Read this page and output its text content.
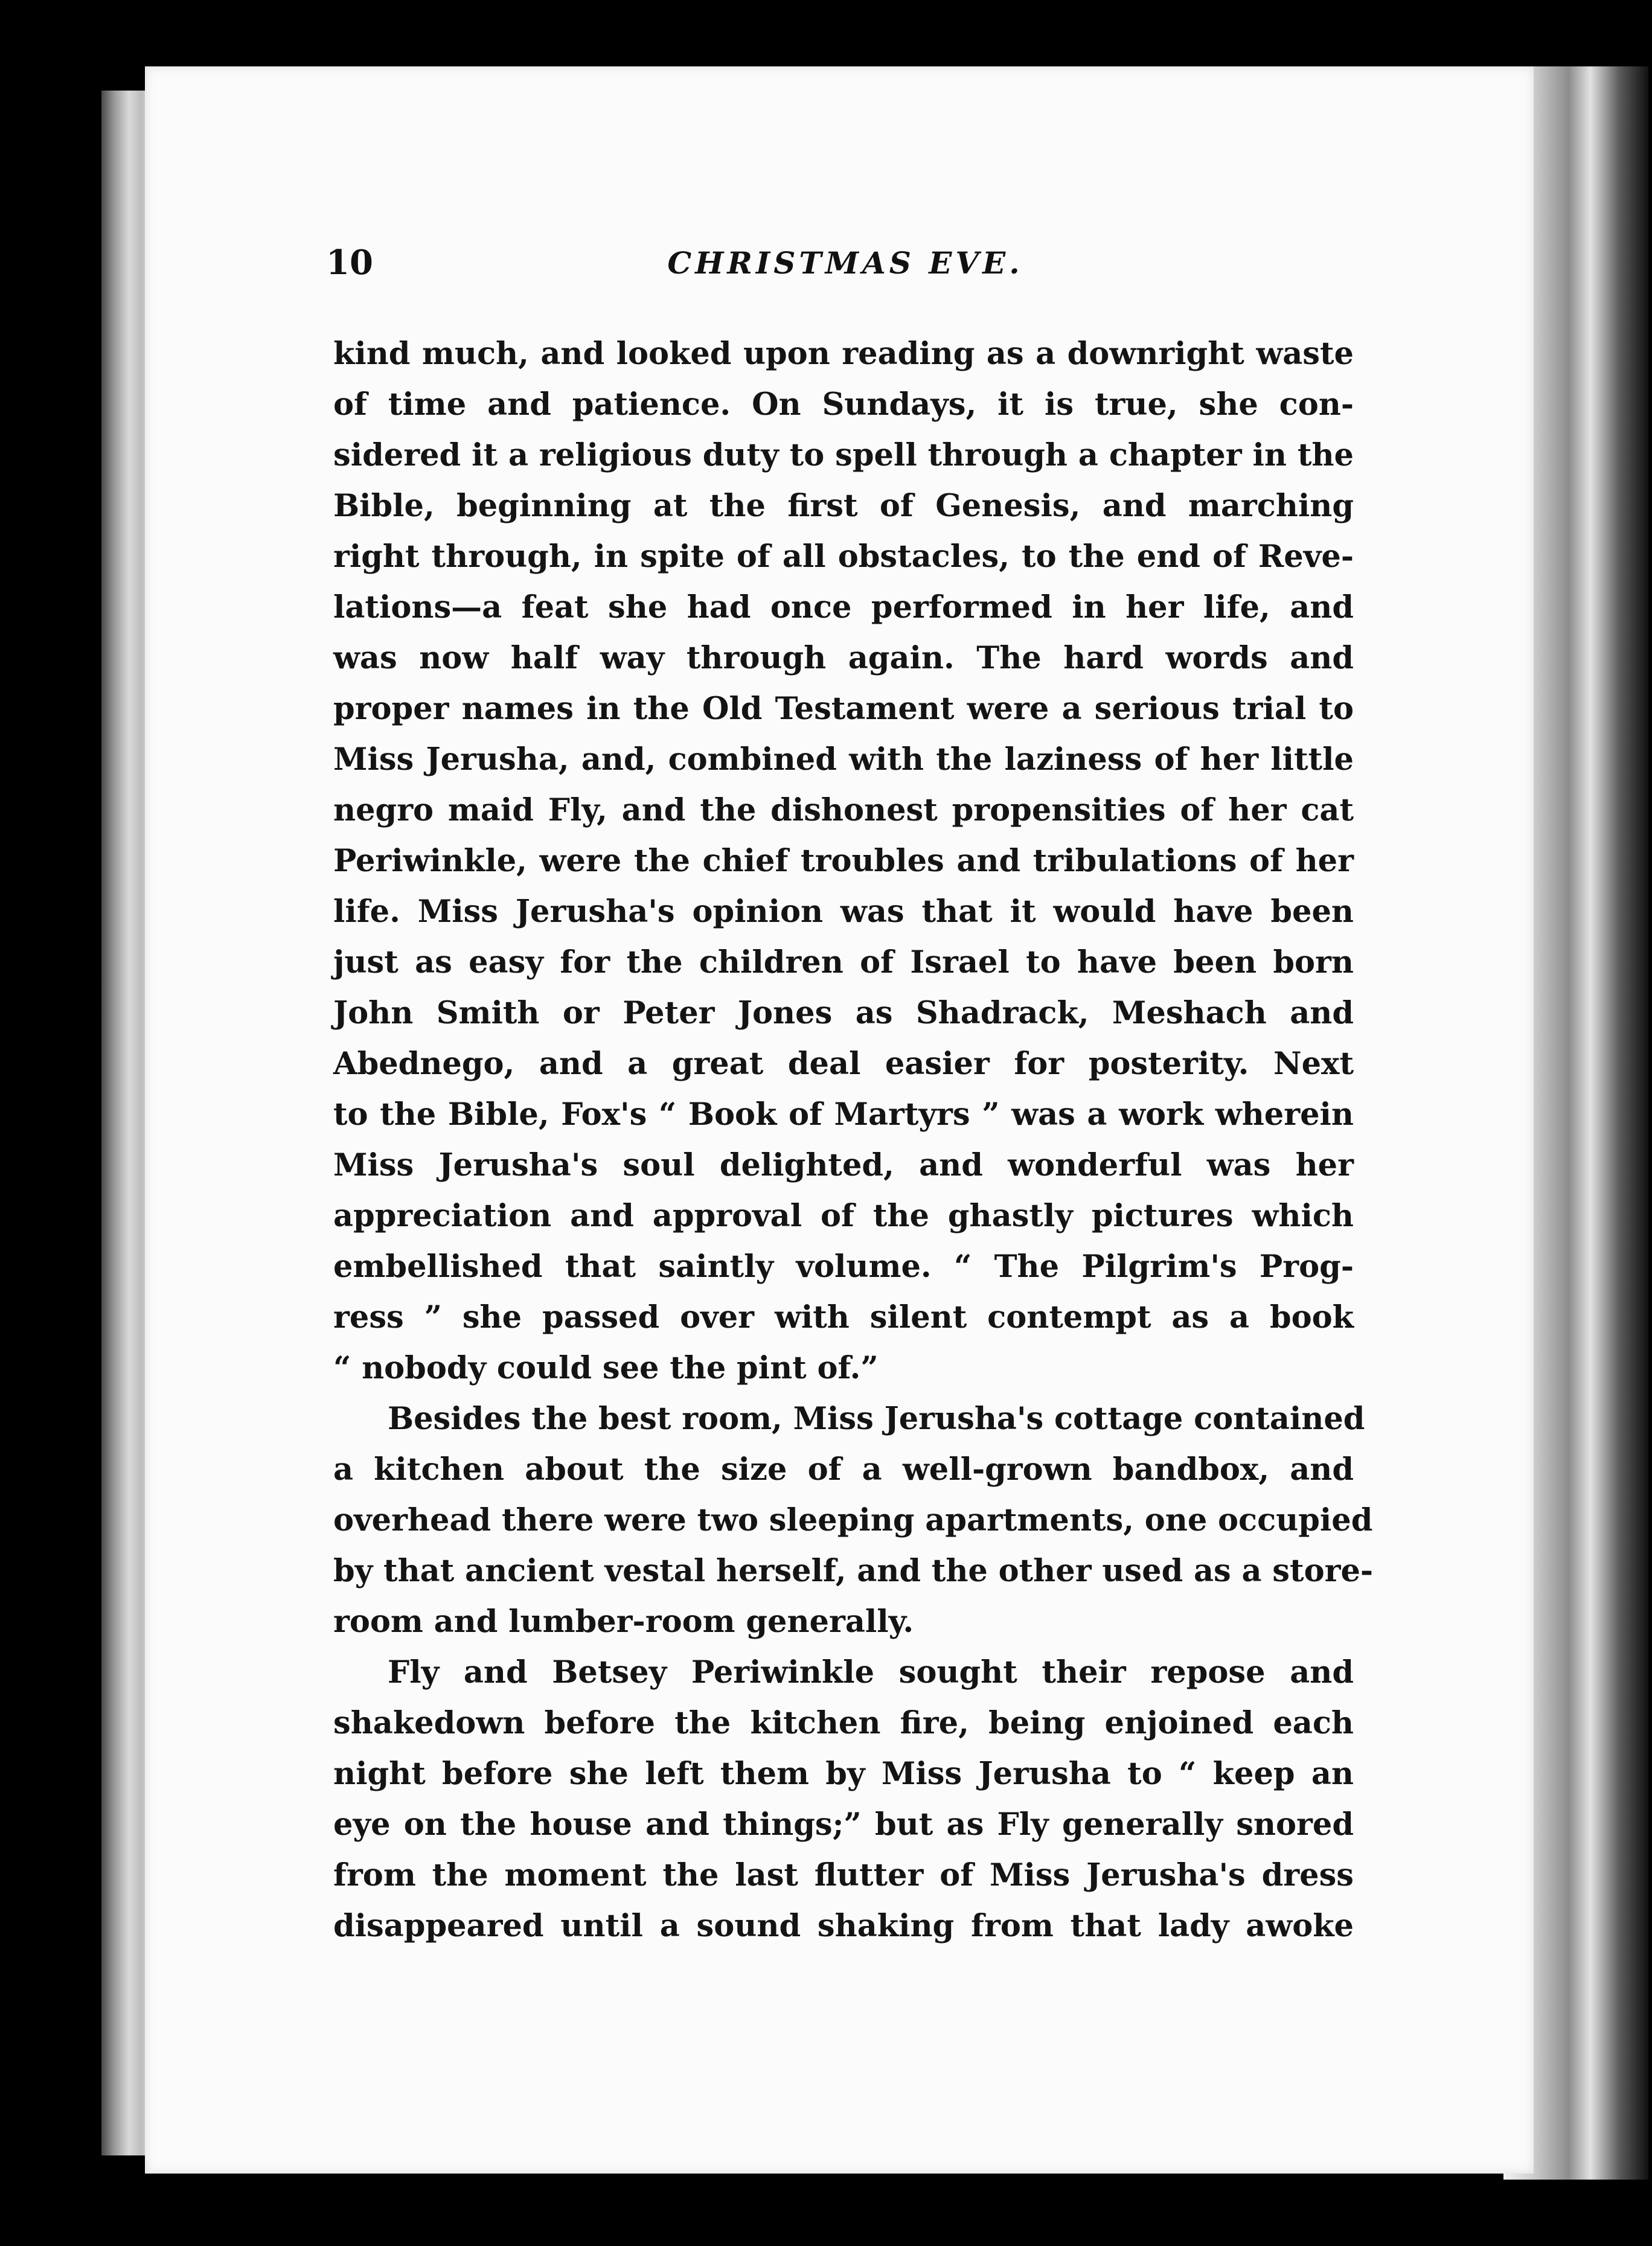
10	CHRISTMAS EVE.
kind much, and looked upon reading as a downright waste
of time and patience. On Sundays, it is true, she con-
sidered it a religious duty to spell through a chapter in the
Bible, beginning at the first of Genesis, and marching
right through, in spite of all obstacles, to the end of Reve-
lations—a feat she had once performed in her life, and
was now half way through again. The hard words and
proper names in the Old Testament were a serious trial to
Miss Jerusha, and, combined with the laziness of her little
negro maid Fly, and the dishonest propensities of her cat
Periwinkle, were the chief troubles and tribulations of her
life. Miss Jerusha's opinion was that it would have been
just as easy for the children of Israel to have been born
John Smith or Peter Jones as Shadrack, Meshach and
Abednego, and a great deal easier for posterity. Next
to the Bible, Fox's “ Book of Martyrs ” was a work wherein
Miss Jerusha's soul delighted, and wonderful was her
appreciation and approval of the ghastly pictures which
embellished that saintly volume. “ The Pilgrim's Prog-
ress ” she passed over with silent contempt as a book
“ nobody could see the pint of.”
Besides the best room, Miss Jerusha's cottage contained
a kitchen about the size of a well-grown bandbox, and
overhead there were two sleeping apartments, one occupied
by that ancient vestal herself, and the other used as a store-
room and lumber-room generally.
Fly and Betsey Periwinkle sought their repose and
shakedown before the kitchen fire, being enjoined each
night before she left them by Miss Jerusha to “ keep an
eye on the house and things;” but as Fly generally snored
from the moment the last flutter of Miss Jerusha's dress
disappeared until a sound shaking from that lady awoke
